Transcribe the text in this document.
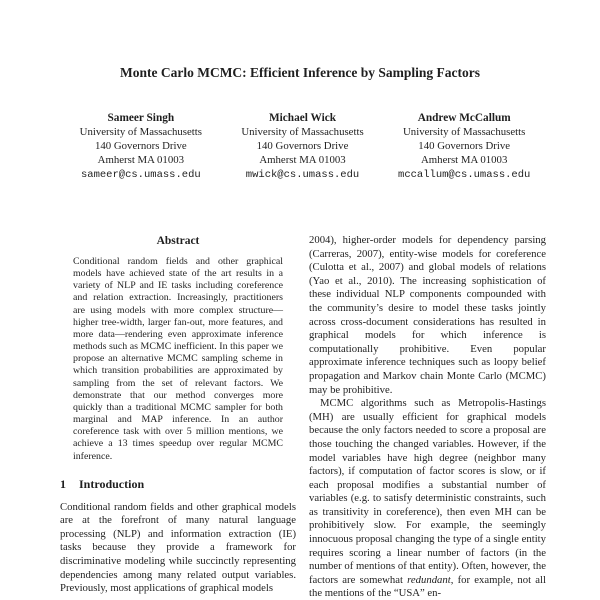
Monte Carlo MCMC: Efficient Inference by Sampling Factors
Sameer Singh
University of Massachusetts
140 Governors Drive
Amherst MA 01003
sameer@cs.umass.edu
Michael Wick
University of Massachusetts
140 Governors Drive
Amherst MA 01003
mwick@cs.umass.edu
Andrew McCallum
University of Massachusetts
140 Governors Drive
Amherst MA 01003
mccallum@cs.umass.edu
Abstract

Conditional random fields and other graphical models have achieved state of the art results in a variety of NLP and IE tasks including coreference and relation extraction. Increasingly, practitioners are using models with more complex structure—higher tree-width, larger fan-out, more features, and more data—rendering even approximate inference methods such as MCMC inefficient. In this paper we propose an alternative MCMC sampling scheme in which transition probabilities are approximated by sampling from the set of relevant factors. We demonstrate that our method converges more quickly than a traditional MCMC sampler for both marginal and MAP inference. In an author coreference task with over 5 million mentions, we achieve a 13 times speedup over regular MCMC inference.

1 Introduction

Conditional random fields and other graphical models are at the forefront of many natural language processing (NLP) and information extraction (IE) tasks because they provide a framework for discriminative modeling while succinctly representing dependencies among many related output variables. Previously, most applications of graphical models

2004), higher-order models for dependency parsing (Carreras, 2007), entity-wise models for coreference (Culotta et al., 2007) and global models of relations (Yao et al., 2010). The increasing sophistication of these individual NLP components compounded with the community’s desire to model these tasks jointly across cross-document considerations has resulted in graphical models for which inference is computationally prohibitive. Even popular approximate inference techniques such as loopy belief propagation and Markov chain Monte Carlo (MCMC) may be prohibitive.

MCMC algorithms such as Metropolis-Hastings (MH) are usually efficient for graphical models because the only factors needed to score a proposal are those touching the changed variables. However, if the model variables have high degree (neighbor many factors), if computation of factor scores is slow, or if each proposal modifies a substantial number of variables (e.g. to satisfy deterministic constraints, such as transitivity in coreference), then even MH can be prohibitively slow. For example, the seemingly innocuous proposal changing the type of a single entity requires scoring a linear number of factors (in the number of mentions of that entity). Often, however, the factors are somewhat redundant, for example, not all the mentions of the “USA” en-
